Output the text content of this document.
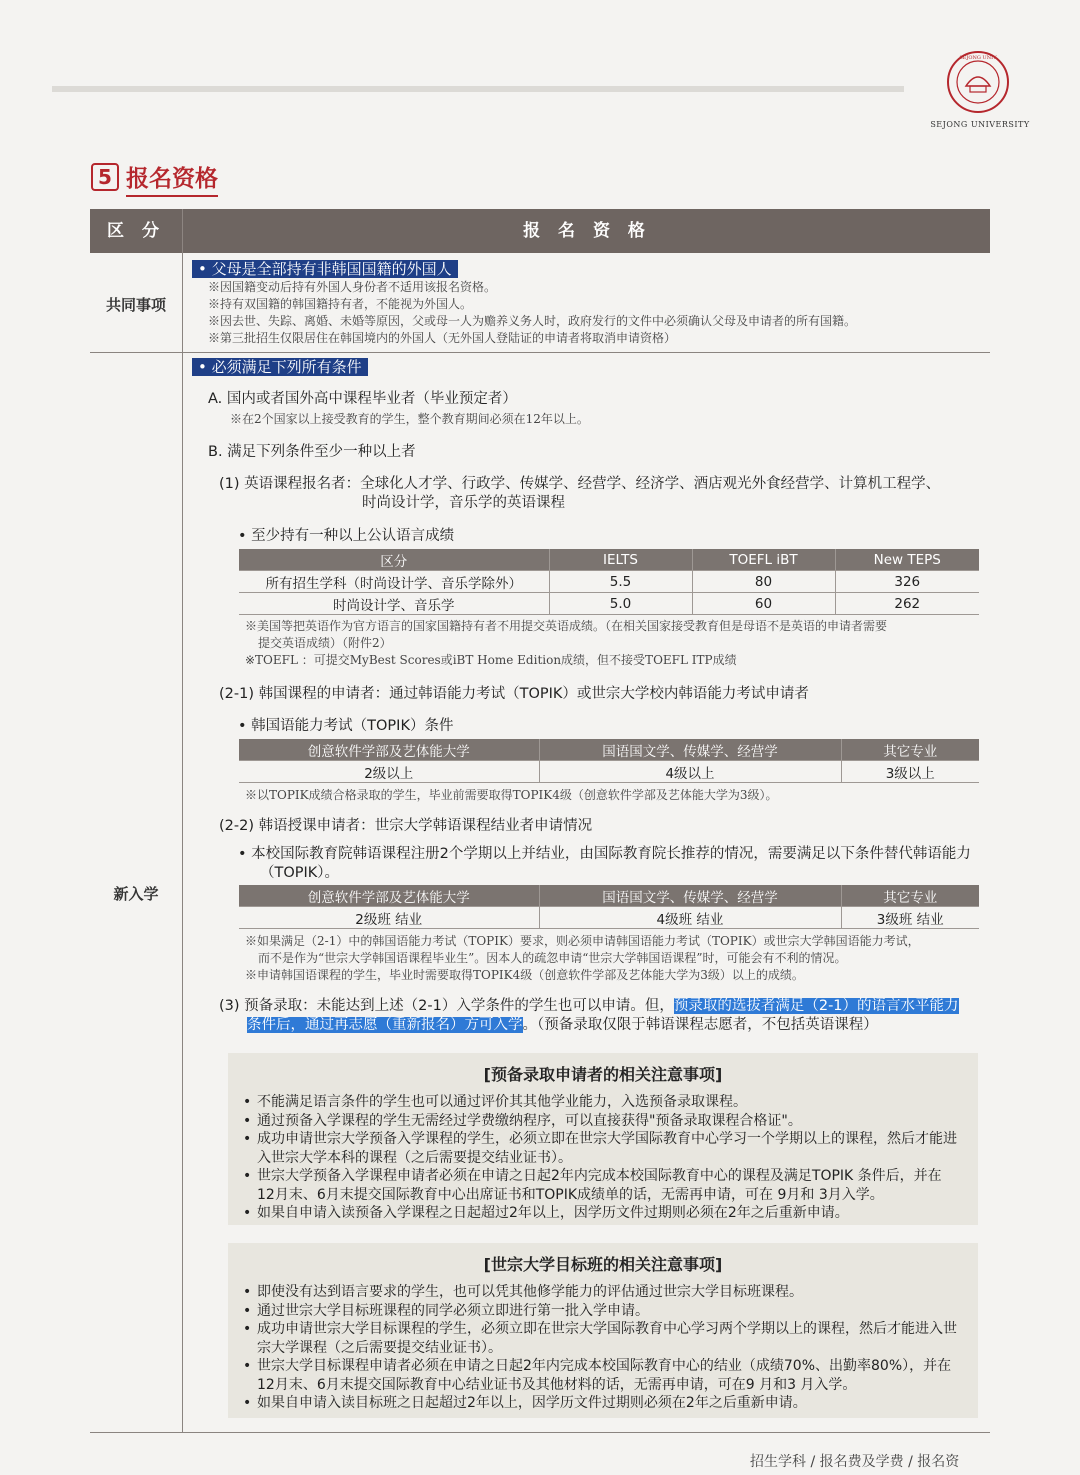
SEJONG UNIV
SEJONG UNIVERSITY
5 报名资格
区 分	报 名 资 格
共同事项
• 父母是全部持有非韩国国籍的外国人
※因国籍变动后持有外国人身份者不适用该报名资格。
※持有双国籍的韩国籍持有者，不能视为外国人。
※因去世、失踪、离婚、未婚等原因，父或母一人为赡养义务人时，政府发行的文件中必须确认父母及申请者的所有国籍。
※第三批招生仅限居住在韩国境内的外国人（无外国人登陆证的申请者将取消申请资格）
新入学
• 必须满足下列所有条件
A. 国内或者国外高中课程毕业者（毕业预定者）
※在2个国家以上接受教育的学生，整个教育期间必须在12年以上。
B. 满足下列条件至少一种以上者
(1) 英语课程报名者：全球化人才学、行政学、传媒学、经营学、经济学、酒店观光外食经营学、计算机工程学、
时尚设计学，音乐学的英语课程
• 至少持有一种以上公认语言成绩
区分	IELTS	TOEFL iBT	New TEPS
所有招生学科（时尚设计学、音乐学除外）	5.5	80	326
时尚设计学、音乐学	5.0	60	262
※美国等把英语作为官方语言的国家国籍持有者不用提交英语成绩。（在相关国家接受教育但是母语不是英语的申请者需要
提交英语成绩）（附件2）
※TOEFL ：可提交MyBest Scores或iBT Home Edition成绩，但不接受TOEFL ITP成绩
(2-1) 韩国课程的申请者：通过韩语能力考试（TOPIK）或世宗大学校内韩语能力考试申请者
• 韩国语能力考试（TOPIK）条件
创意软件学部及艺体能大学	国语国文学、传媒学、经营学	其它专业
2级以上	4级以上	3级以上
※以TOPIK成绩合格录取的学生，毕业前需要取得TOPIK4级（创意软件学部及艺体能大学为3级）。
(2-2) 韩语授课申请者：世宗大学韩语课程结业者申请情况
• 本校国际教育院韩语课程注册2个学期以上并结业，由国际教育院长推荐的情况，需要满足以下条件替代韩语能力
（TOPIK）。
创意软件学部及艺体能大学	国语国文学、传媒学、经营学	其它专业
2级班 结业	4级班 结业	3级班 结业
※如果满足（2-1）中的韩国语能力考试（TOPIK）要求，则必须申请韩国语能力考试（TOPIK）或世宗大学韩国语能力考试，
而不是作为“世宗大学韩国语课程毕业生”。因本人的疏忽申请“世宗大学韩国语课程”时，可能会有不利的情况。
※申请韩国语课程的学生，毕业时需要取得TOPIK4级（创意软件学部及艺体能大学为3级）以上的成绩。
(3) 预备录取：未能达到上述（2-1）入学条件的学生也可以申请。但，预录取的选拔者满足（2-1）的语言水平能力
条件后，通过再志愿（重新报名）方可入学。（预备录取仅限于韩语课程志愿者，不包括英语课程）
[预备录取申请者的相关注意事项]
• 不能满足语言条件的学生也可以通过评价其其他学业能力，入选预备录取课程。
• 通过预备入学课程的学生无需经过学费缴纳程序，可以直接获得"预备录取课程合格证"。
• 成功申请世宗大学预备入学课程的学生，必须立即在世宗大学国际教育中心学习一个学期以上的课程，然后才能进入世宗大学本科的课程（之后需要提交结业证书）。
• 世宗大学预备入学课程申请者必须在申请之日起2年内完成本校国际教育中心的课程及满足TOPIK 条件后，并在12月末、6月末提交国际教育中心出席证书和TOPIK成绩单的话，无需再申请，可在 9月和 3月入学。
• 如果自申请入读预备入学课程之日起超过2年以上，因学历文件过期则必须在2年之后重新申请。
[世宗大学目标班的相关注意事项]
• 即使没有达到语言要求的学生，也可以凭其他修学能力的评估通过世宗大学目标班课程。
• 通过世宗大学目标班课程的同学必须立即进行第一批入学申请。
• 成功申请世宗大学目标课程的学生，必须立即在世宗大学国际教育中心学习两个学期以上的课程，然后才能进入世宗大学课程（之后需要提交结业证书）。
• 世宗大学目标课程申请者必须在申请之日起2年内完成本校国际教育中心的结业（成绩70%、出勤率80%），并在12月末、6月末提交国际教育中心结业证书及其他材料的话，无需再申请，可在9 月和3 月入学。
• 如果自申请入读目标班之日起超过2年以上，因学历文件过期则必须在2年之后重新申请。
招生学科 / 报名费及学费 / 报名资
